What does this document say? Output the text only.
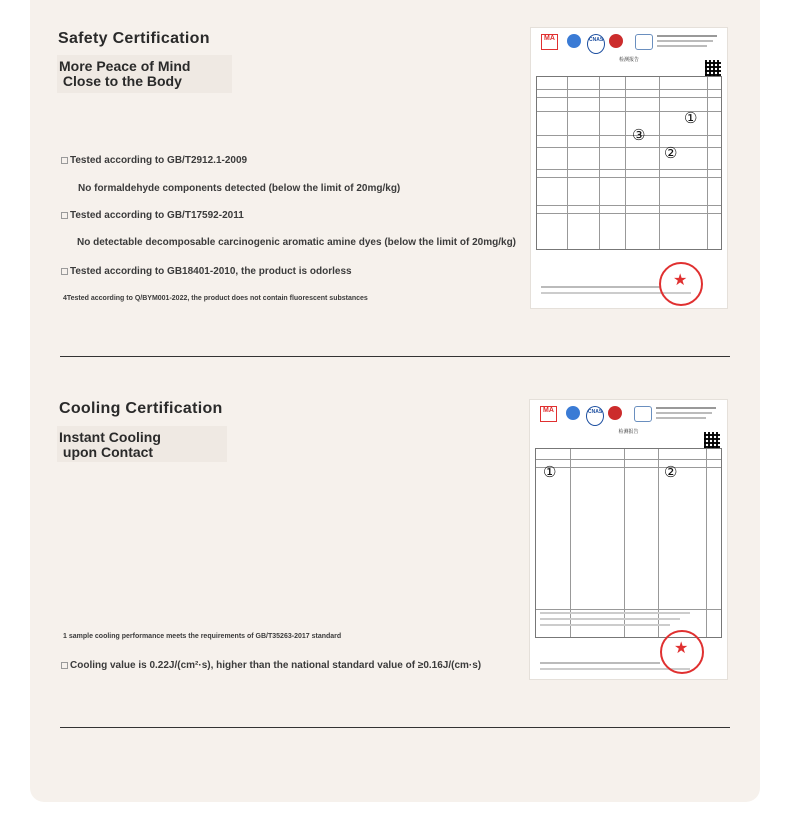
Safety Certification
More Peace of Mind
Close to the Body
Tested according to GB/T2912.1-2009
No formaldehyde components detected (below the limit of 20mg/kg)
Tested according to GB/T17592-2011
No detectable decomposable carcinogenic aromatic amine dyes (below the limit of 20mg/kg)
Tested according to GB18401-2010, the product is odorless
4Tested according to Q/BYM001-2022, the product does not contain fluorescent substances
MA	CNAS
检测报告
①
②
③
★
Cooling Certification
Instant Cooling
upon Contact
1 sample cooling performance meets the requirements of GB/T35263-2017 standard
Cooling value is 0.22J/(cm²·s), higher than the national standard value of ≥0.16J/(cm·s)
MA	CNAS
检测报告
①	②
★
